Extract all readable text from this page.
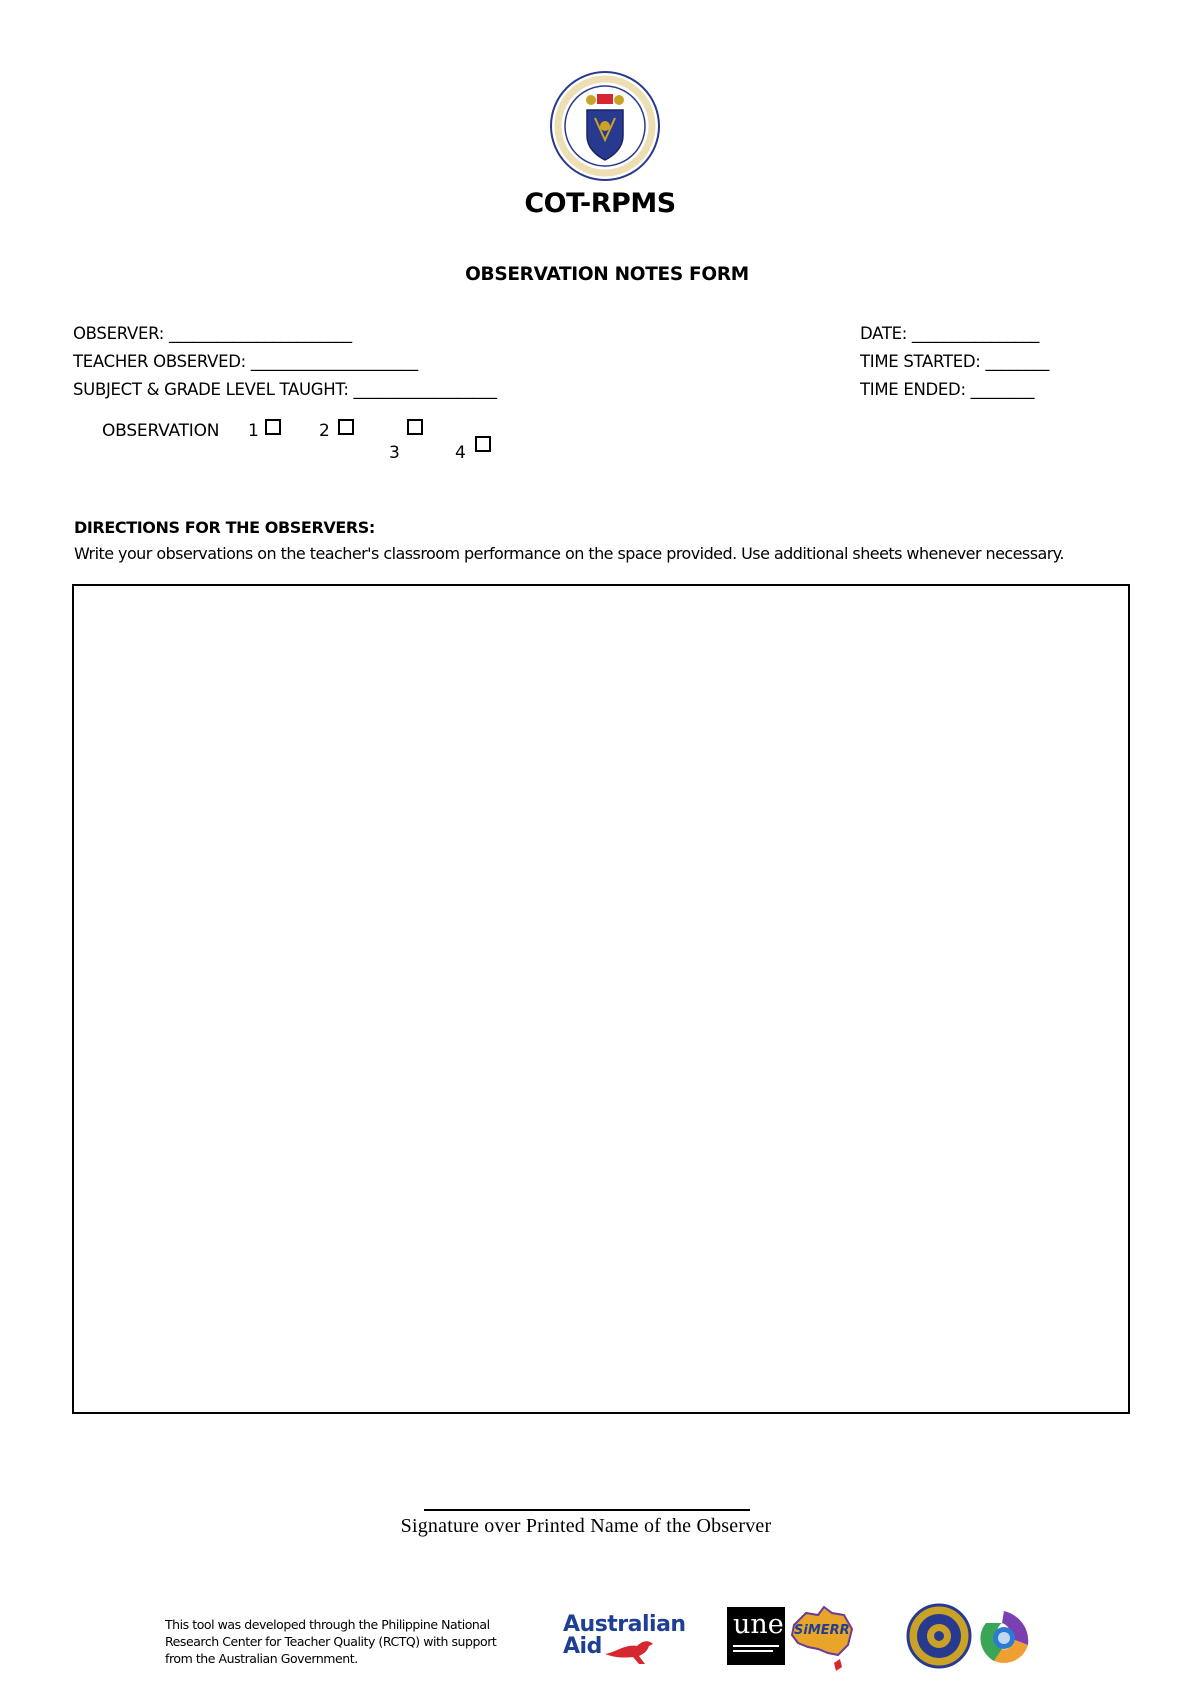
COT-RPMS
OBSERVATION NOTES FORM
OBSERVER: _______________________
TEACHER OBSERVED: _____________________
SUBJECT & GRADE LEVEL TAUGHT: __________________
DATE: ________________
TIME STARTED: ________
TIME ENDED: ________
OBSERVATION 1	2
3	4
DIRECTIONS FOR THE OBSERVERS:
Write your observations on the teacher's classroom performance on the space provided. Use additional sheets whenever necessary.
Signature over Printed Name of the Observer
This tool was developed through the Philippine National
Research Center for Teacher Quality (RCTQ) with support
from the Australian Government.
Australian
Aid
une SiMERR
